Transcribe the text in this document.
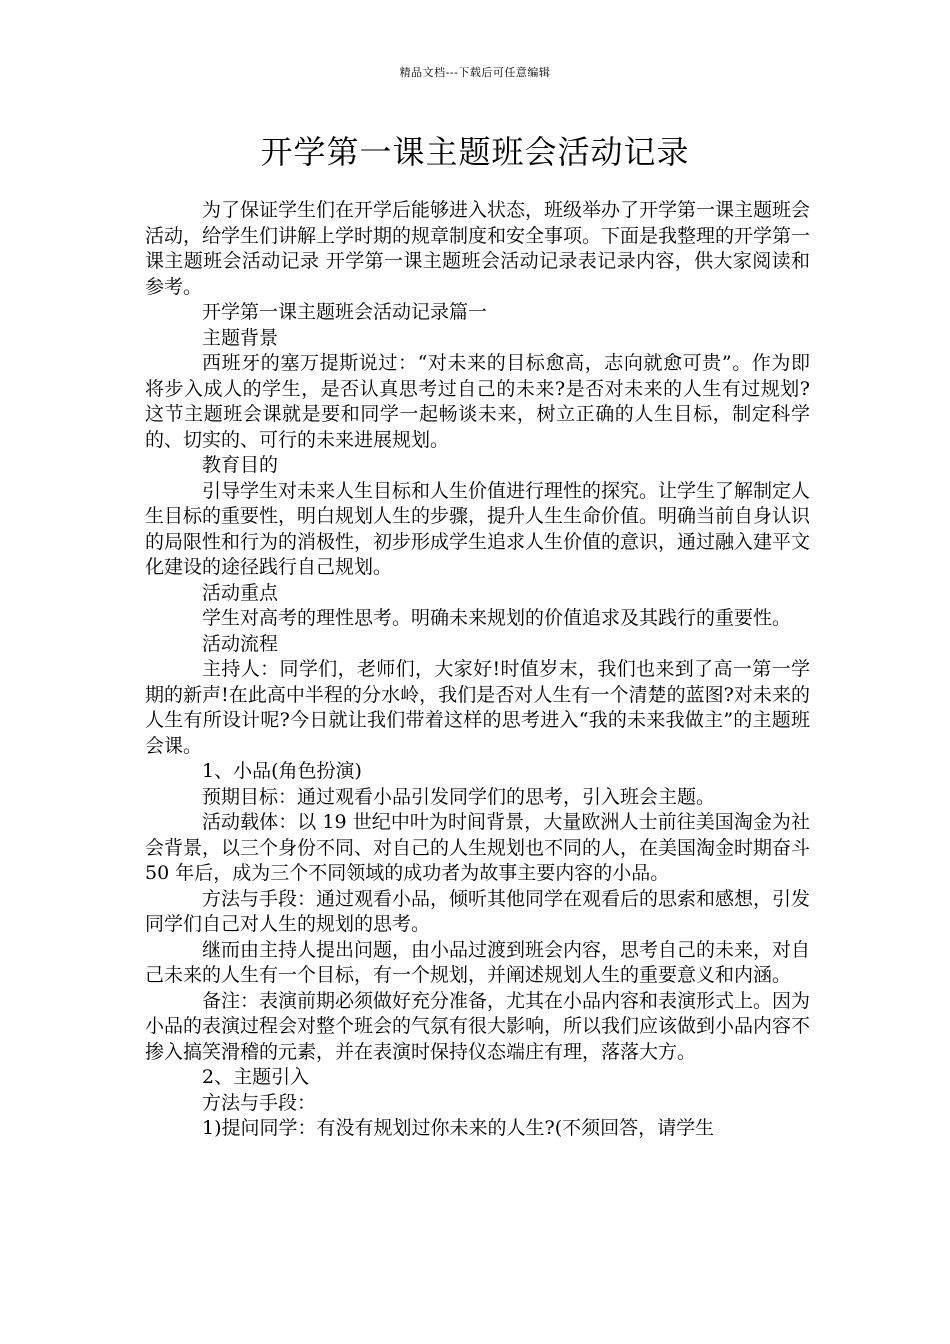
精品文档---下载后可任意编辑
开学第一课主题班会活动记录

为了保证学生们在开学后能够进入状态，班级举办了开学第一课主题班会活动，给学生们讲解上学时期的规章制度和安全事项。下面是我整理的开学第一课主题班会活动记录 开学第一课主题班会活动记录表记录内容，供大家阅读和参考。

开学第一课主题班会活动记录篇一

主题背景

西班牙的塞万提斯说过：“对未来的目标愈高，志向就愈可贵”。作为即将步入成人的学生，是否认真思考过自己的未来?是否对未来的人生有过规划?这节主题班会课就是要和同学一起畅谈未来，树立正确的人生目标，制定科学的、切实的、可行的未来进展规划。

教育目的

引导学生对未来人生目标和人生价值进行理性的探究。让学生了解制定人生目标的重要性，明白规划人生的步骤，提升人生生命价值。明确当前自身认识的局限性和行为的消极性，初步形成学生追求人生价值的意识，通过融入建平文化建设的途径践行自己规划。

活动重点

学生对高考的理性思考。明确未来规划的价值追求及其践行的重要性。

活动流程

主持人：同学们，老师们，大家好!时值岁末，我们也来到了高一第一学期的新声!在此高中半程的分水岭，我们是否对人生有一个清楚的蓝图?对未来的人生有所设计呢?今日就让我们带着这样的思考进入“我的未来我做主”的主题班会课。

1、小品(角色扮演)

预期目标：通过观看小品引发同学们的思考，引入班会主题。

活动载体：以 19 世纪中叶为时间背景，大量欧洲人士前往美国淘金为社会背景，以三个身份不同、对自己的人生规划也不同的人，在美国淘金时期奋斗 50 年后，成为三个不同领域的成功者为故事主要内容的小品。

方法与手段：通过观看小品，倾听其他同学在观看后的思索和感想，引发同学们自己对人生的规划的思考。

继而由主持人提出问题，由小品过渡到班会内容，思考自己的未来，对自己未来的人生有一个目标，有一个规划，并阐述规划人生的重要意义和内涵。

备注：表演前期必须做好充分准备，尤其在小品内容和表演形式上。因为小品的表演过程会对整个班会的气氛有很大影响，所以我们应该做到小品内容不掺入搞笑滑稽的元素，并在表演时保持仪态端庄有理，落落大方。

2、主题引入

方法与手段：

1)提问同学：有没有规划过你未来的人生?(不须回答，请学生
